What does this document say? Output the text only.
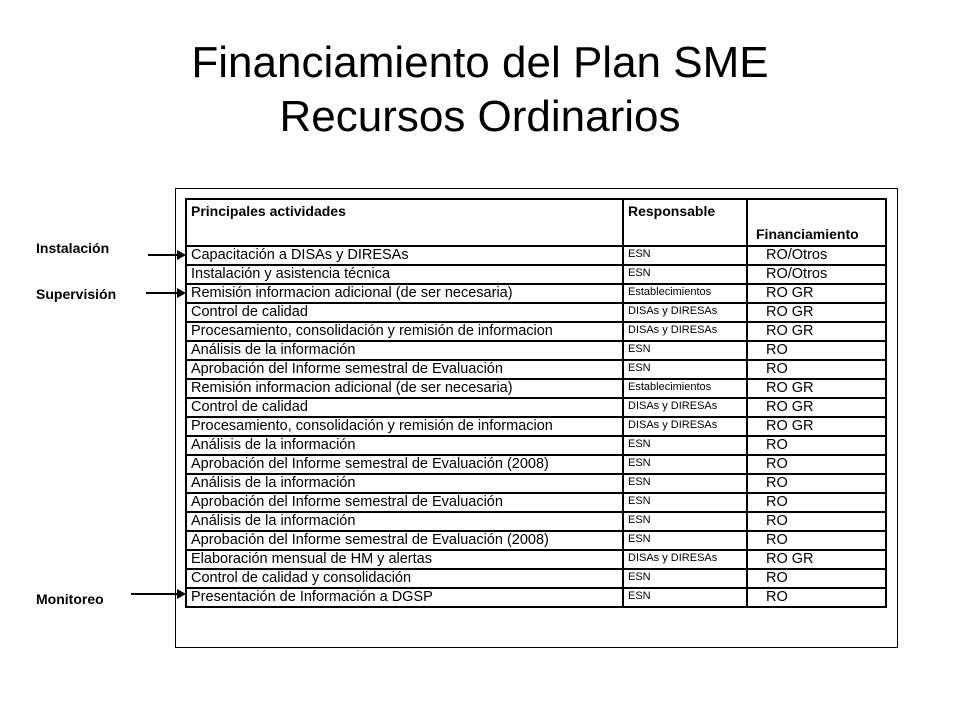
Financiamiento del Plan SME
Recursos Ordinarios
Principales actividades	Responsable	Financiamiento
Capacitación a DISAs y DIRESAs	ESN	RO/Otros
Instalación y asistencia técnica	ESN	RO/Otros
Remisión informacion adicional (de ser necesaria)	Establecimientos	RO GR
Control de calidad	DISAs y DIRESAs	RO GR
Procesamiento, consolidación y remisión de informacion	DISAs y DIRESAs	RO GR
Análisis de la información	ESN	RO
Aprobación del Informe semestral de Evaluación	ESN	RO
Remisión informacion adicional (de ser necesaria)	Establecimientos	RO GR
Control de calidad	DISAs y DIRESAs	RO GR
Procesamiento, consolidación y remisión de informacion	DISAs y DIRESAs	RO GR
Análisis de la información	ESN	RO
Aprobación del Informe semestral de Evaluación (2008)	ESN	RO
Análisis de la información	ESN	RO
Aprobación del Informe semestral de Evaluación	ESN	RO
Análisis de la información	ESN	RO
Aprobación del Informe semestral de Evaluación (2008)	ESN	RO
Elaboración mensual de HM y alertas	DISAs y DIRESAs	RO GR
Control de calidad y consolidación	ESN	RO
Presentación de Información a DGSP	ESN	RO
Instalación
Supervisión
Monitoreo
